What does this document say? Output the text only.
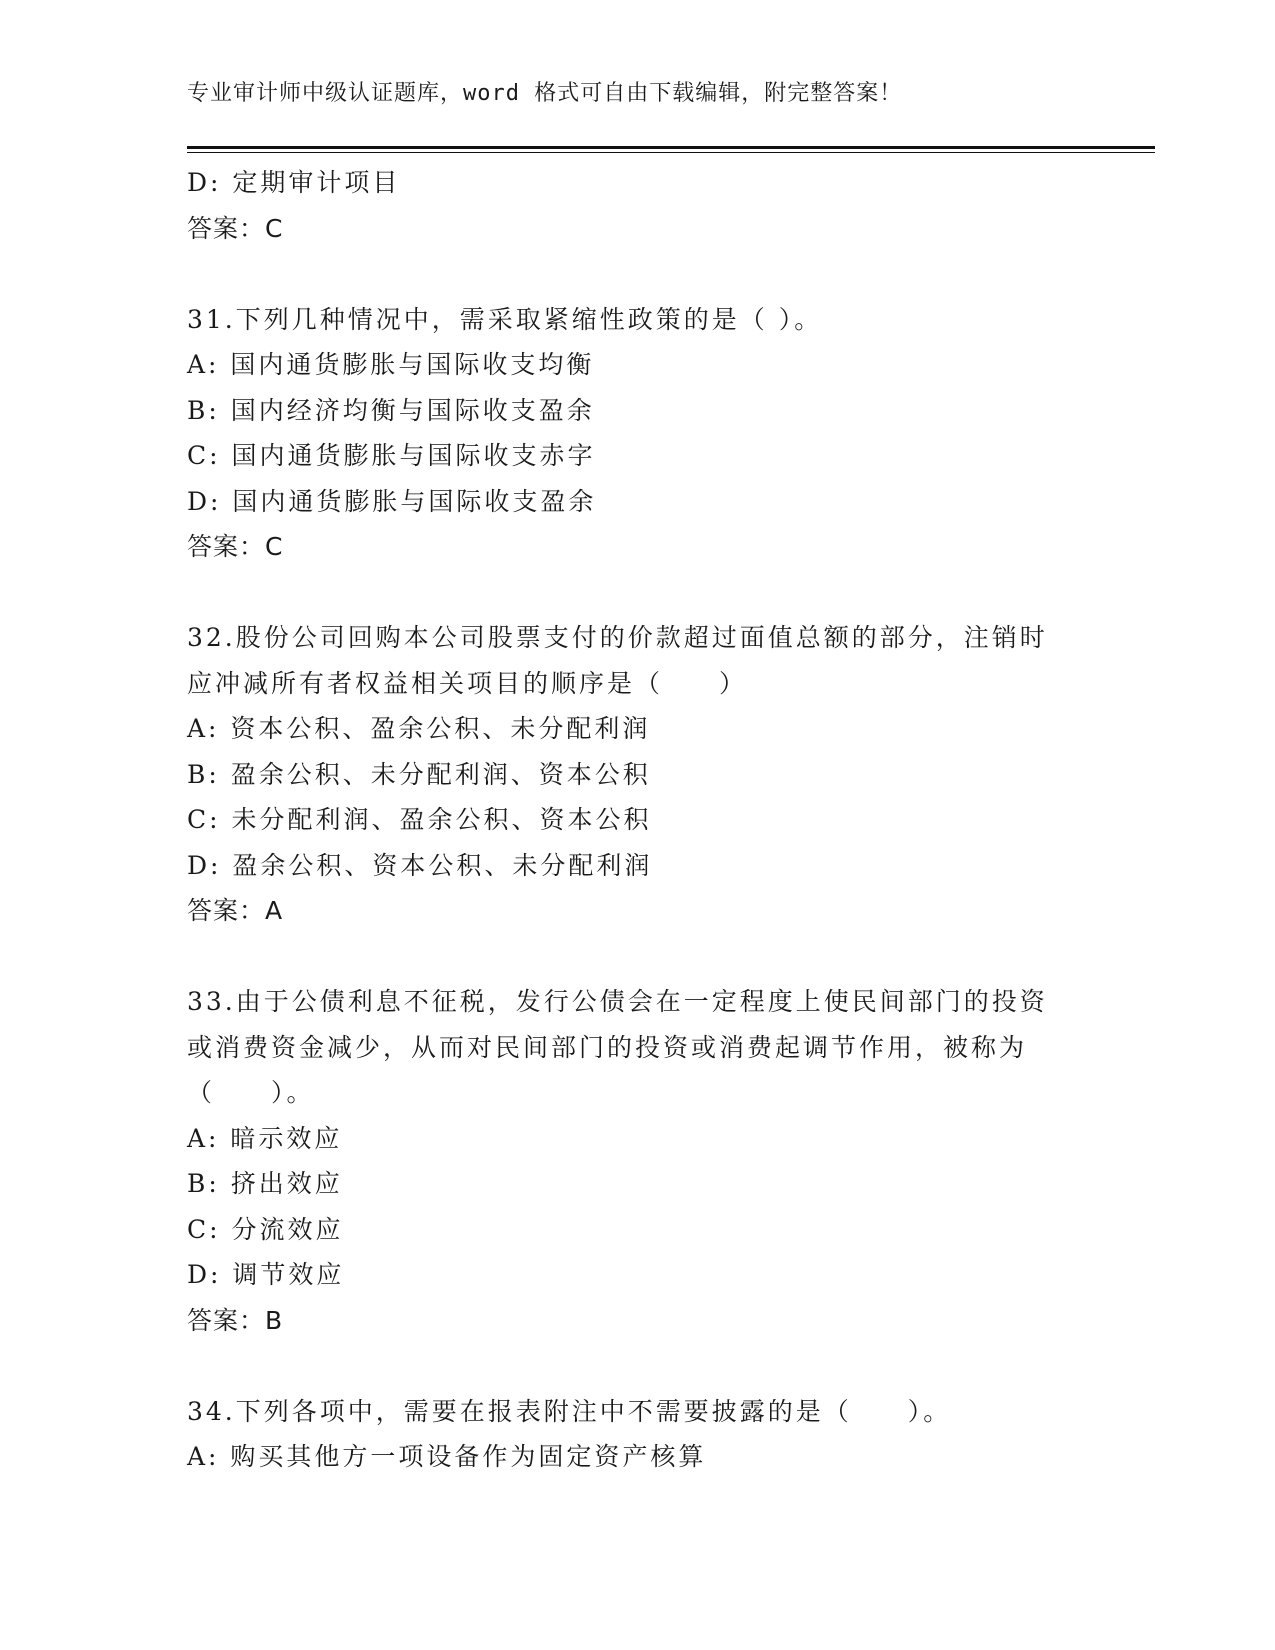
专业审计师中级认证题库，word 格式可自由下载编辑，附完整答案！
D: 定期审计项目
答案：C
31.下列几种情况中，需采取紧缩性政策的是（ ）。
A: 国内通货膨胀与国际收支均衡
B: 国内经济均衡与国际收支盈余
C: 国内通货膨胀与国际收支赤字
D: 国内通货膨胀与国际收支盈余
答案：C
32.股份公司回购本公司股票支付的价款超过面值总额的部分，注销时
应冲减所有者权益相关项目的顺序是（　　）
A: 资本公积、盈余公积、未分配利润
B: 盈余公积、未分配利润、资本公积
C: 未分配利润、盈余公积、资本公积
D: 盈余公积、资本公积、未分配利润
答案：A
33.由于公债利息不征税，发行公债会在一定程度上使民间部门的投资
或消费资金减少，从而对民间部门的投资或消费起调节作用，被称为
（　　）。
A: 暗示效应
B: 挤出效应
C: 分流效应
D: 调节效应
答案：B
34.下列各项中，需要在报表附注中不需要披露的是（　　）。
A: 购买其他方一项设备作为固定资产核算
